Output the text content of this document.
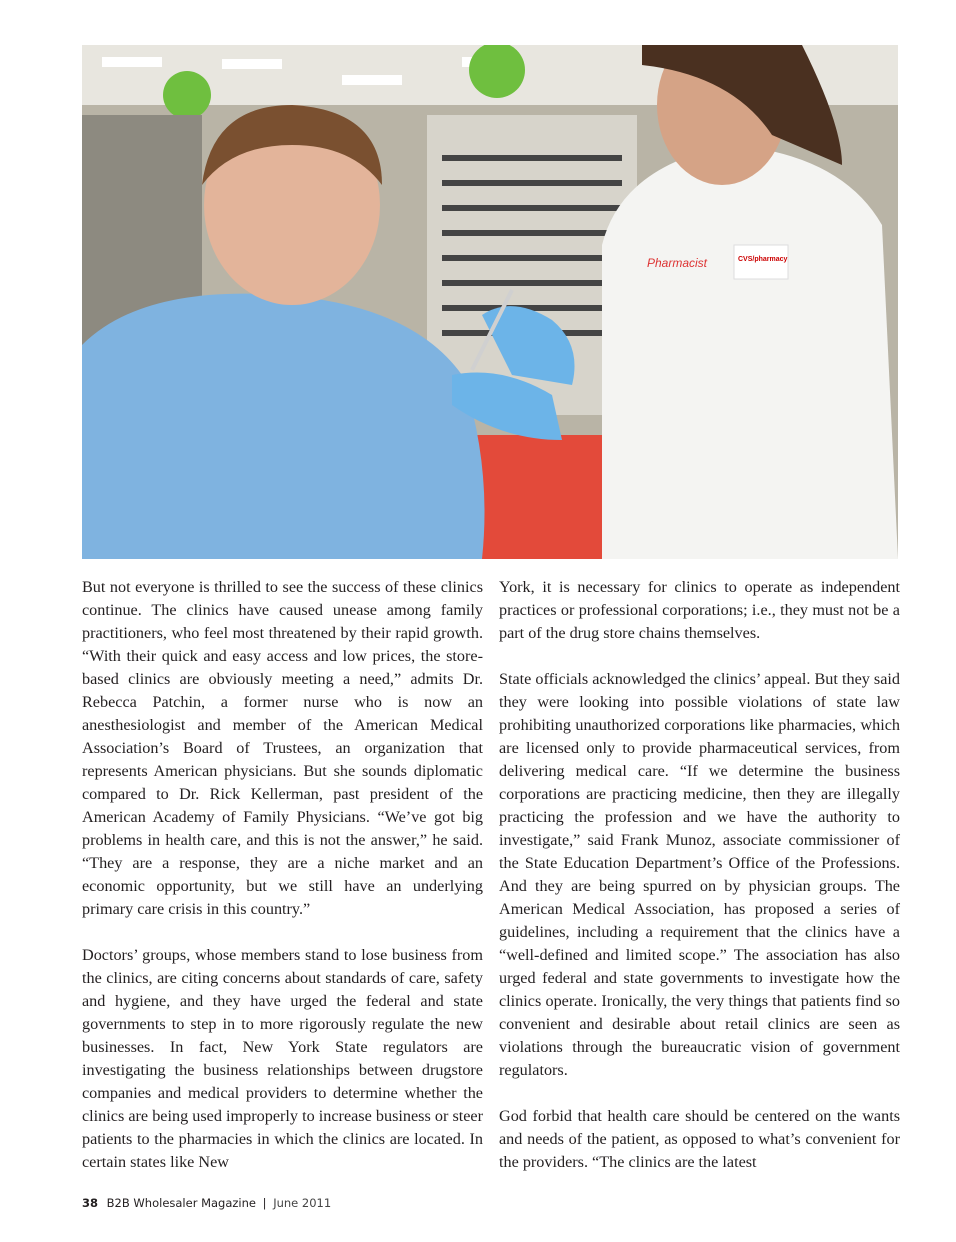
Pharmacist	CVS/pharmacy

But not everyone is thrilled to see the success of these clinics continue. The clinics have caused unease among family practitioners, who feel most threatened by their rapid growth. “With their quick and easy access and low prices, the store-based clinics are obviously meeting a need,” admits Dr. Rebecca Patchin, a former nurse who is now an anesthesiologist and member of the American Medical Association’s Board of Trustees, an organization that represents American physicians. But she sounds diplomatic compared to Dr. Rick Kellerman, past president of the American Academy of Family Physicians. “We’ve got big problems in health care, and this is not the answer,” he said. “They are a response, they are a niche market and an economic opportunity, but we still have an underlying primary care crisis in this country.”

Doctors’ groups, whose members stand to lose business from the clinics, are citing concerns about standards of care, safety and hygiene, and they have urged the federal and state governments to step in to more rigorously regulate the new businesses. In fact, New York State regulators are investigating the business relationships between drugstore companies and medical providers to determine whether the clinics are being used improperly to increase business or steer patients to the pharmacies in which the clinics are located. In certain states like New

York, it is necessary for clinics to operate as independent practices or professional corporations; i.e., they must not be a part of the drug store chains themselves.

State officials acknowledged the clinics’ appeal. But they said they were looking into possible violations of state law prohibiting unauthorized corporations like pharmacies, which are licensed only to provide pharmaceutical services, from delivering medical care. “If we determine the business corporations are practicing medicine, then they are illegally practicing the profession and we have the authority to investigate,” said Frank Munoz, associate commissioner of the State Education Department’s Office of the Professions. And they are being spurred on by physician groups. The American Medical Association, has proposed a series of guidelines, including a requirement that the clinics have a “well-defined and limited scope.” The association has also urged federal and state governments to investigate how the clinics operate. Ironically, the very things that patients find so convenient and desirable about retail clinics are seen as violations through the bureaucratic vision of government regulators.

God forbid that health care should be centered on the wants and needs of the patient, as opposed to what’s convenient for the providers. “The clinics are the latest

38 B2B Wholesaler Magazine | June 2011
